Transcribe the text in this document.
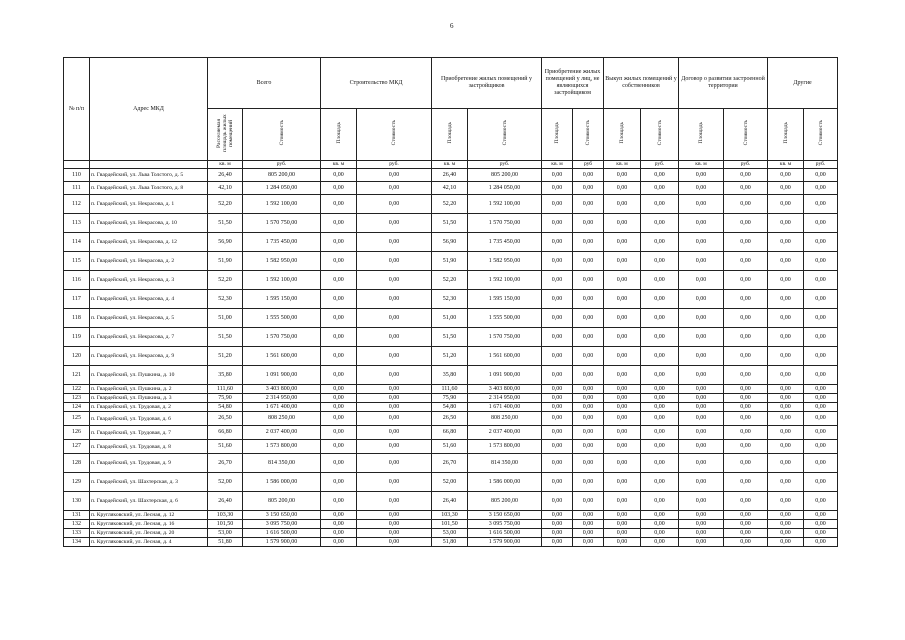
6
№ п/п	Адрес МКД	Всего		Строительство МКД		Приобретение жилых помещений у застройщиков		Приобретение жилых помещений у лиц, не являющихся застройщиком		Выкуп жилых помещений у собственников		Договор о развитии застроенной территории		Другие	
		Расселяемая площадь жилых помещений	Стоимость	Площадь	Стоимость	Площадь	Стоимость	Площадь	Стоимость	Площадь	Стоимость	Площадь	Стоимость	Площадь	Стоимость
		кв. м	руб.	кв. м	руб.	кв. м	руб.	кв. м	руб	кв. м	руб.	кв. м	руб.	кв. м	руб.
110	п. Гвардейский, ул. Льва Толстого, д. 5	26,40	805 200,00	0,00	0,00	26,40	805 200,00	0,00	0,00	0,00	0,00	0,00	0,00	0,00	0,00
111	п. Гвардейский, ул. Льва Толстого, д. 8	42,10	1 284 050,00	0,00	0,00	42,10	1 284 050,00	0,00	0,00	0,00	0,00	0,00	0,00	0,00	0,00
112	п. Гвардейский, ул. Некрасова, д. 1	52,20	1 592 100,00	0,00	0,00	52,20	1 592 100,00	0,00	0,00	0,00	0,00	0,00	0,00	0,00	0,00
113	п. Гвардейский, ул. Некрасова, д. 10	51,50	1 570 750,00	0,00	0,00	51,50	1 570 750,00	0,00	0,00	0,00	0,00	0,00	0,00	0,00	0,00
114	п. Гвардейский, ул. Некрасова, д. 12	56,90	1 735 450,00	0,00	0,00	56,90	1 735 450,00	0,00	0,00	0,00	0,00	0,00	0,00	0,00	0,00
115	п. Гвардейский, ул. Некрасова, д. 2	51,90	1 582 950,00	0,00	0,00	51,90	1 582 950,00	0,00	0,00	0,00	0,00	0,00	0,00	0,00	0,00
116	п. Гвардейский, ул. Некрасова, д. 3	52,20	1 592 100,00	0,00	0,00	52,20	1 592 100,00	0,00	0,00	0,00	0,00	0,00	0,00	0,00	0,00
117	п. Гвардейский, ул. Некрасова, д. 4	52,30	1 595 150,00	0,00	0,00	52,30	1 595 150,00	0,00	0,00	0,00	0,00	0,00	0,00	0,00	0,00
118	п. Гвардейский, ул. Некрасова, д. 5	51,00	1 555 500,00	0,00	0,00	51,00	1 555 500,00	0,00	0,00	0,00	0,00	0,00	0,00	0,00	0,00
119	п. Гвардейский, ул. Некрасова, д. 7	51,50	1 570 750,00	0,00	0,00	51,50	1 570 750,00	0,00	0,00	0,00	0,00	0,00	0,00	0,00	0,00
120	п. Гвардейский, ул. Некрасова, д. 9	51,20	1 561 600,00	0,00	0,00	51,20	1 561 600,00	0,00	0,00	0,00	0,00	0,00	0,00	0,00	0,00
121	п. Гвардейский, ул. Пушкина, д. 10	35,80	1 091 900,00	0,00	0,00	35,80	1 091 900,00	0,00	0,00	0,00	0,00	0,00	0,00	0,00	0,00
122	п. Гвардейский, ул. Пушкина, д. 2	111,60	3 403 800,00	0,00	0,00	111,60	3 403 800,00	0,00	0,00	0,00	0,00	0,00	0,00	0,00	0,00
123	п. Гвардейский, ул. Пушкина, д. 3	75,90	2 314 950,00	0,00	0,00	75,90	2 314 950,00	0,00	0,00	0,00	0,00	0,00	0,00	0,00	0,00
124	п. Гвардейский, ул. Трудовая, д. 2	54,80	1 671 400,00	0,00	0,00	54,80	1 671 400,00	0,00	0,00	0,00	0,00	0,00	0,00	0,00	0,00
125	п. Гвардейский, ул. Трудовая, д. 6	26,50	808 250,00	0,00	0,00	26,50	808 250,00	0,00	0,00	0,00	0,00	0,00	0,00	0,00	0,00
126	п. Гвардейский, ул. Трудовая, д. 7	66,80	2 037 400,00	0,00	0,00	66,80	2 037 400,00	0,00	0,00	0,00	0,00	0,00	0,00	0,00	0,00
127	п. Гвардейский, ул. Трудовая, д. 8	51,60	1 573 800,00	0,00	0,00	51,60	1 573 800,00	0,00	0,00	0,00	0,00	0,00	0,00	0,00	0,00
128	п. Гвардейский, ул. Трудовая, д. 9	26,70	814 350,00	0,00	0,00	26,70	814 350,00	0,00	0,00	0,00	0,00	0,00	0,00	0,00	0,00
129	п. Гвардейский, ул. Шахтерская, д. 3	52,00	1 586 000,00	0,00	0,00	52,00	1 586 000,00	0,00	0,00	0,00	0,00	0,00	0,00	0,00	0,00
130	п. Гвардейский, ул. Шахтерская, д. 6	26,40	805 200,00	0,00	0,00	26,40	805 200,00	0,00	0,00	0,00	0,00	0,00	0,00	0,00	0,00
131	п. Кругляковский, ул. Лесная, д. 12	103,30	3 150 650,00	0,00	0,00	103,30	3 150 650,00	0,00	0,00	0,00	0,00	0,00	0,00	0,00	0,00
132	п. Кругляковский, ул. Лесная, д. 16	101,50	3 095 750,00	0,00	0,00	101,50	3 095 750,00	0,00	0,00	0,00	0,00	0,00	0,00	0,00	0,00
133	п. Кругляковский, ул. Лесная, д. 20	53,00	1 616 500,00	0,00	0,00	53,00	1 616 500,00	0,00	0,00	0,00	0,00	0,00	0,00	0,00	0,00
134	п. Кругляковский, ул. Лесная, д. 4	51,80	1 579 900,00	0,00	0,00	51,80	1 579 900,00	0,00	0,00	0,00	0,00	0,00	0,00	0,00	0,00
